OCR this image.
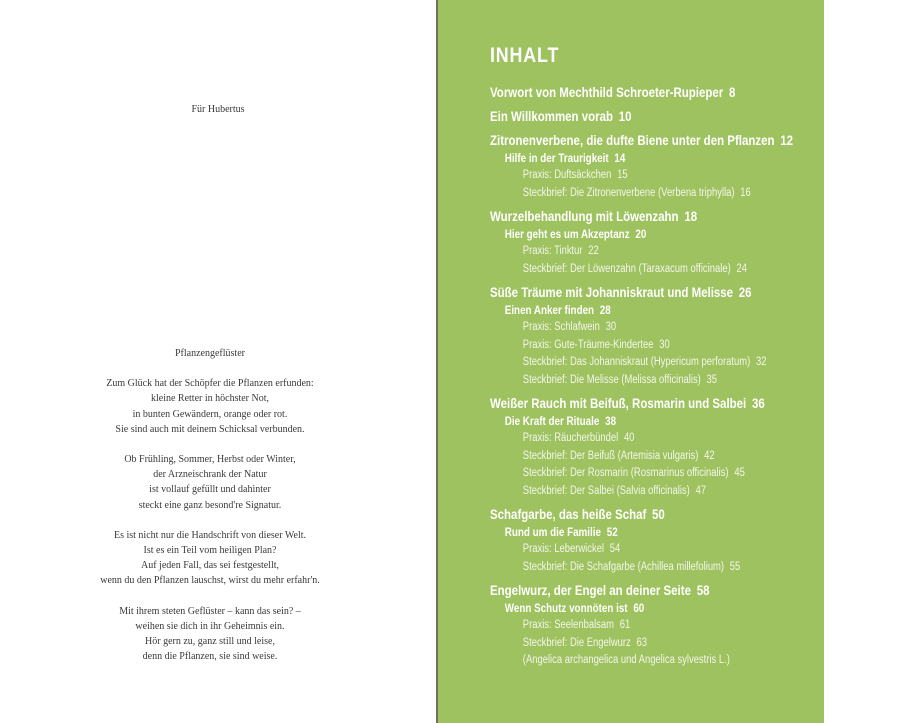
Für Hubertus
Pflanzengeflüster
Zum Glück hat der Schöpfer die Pflanzen erfunden:
kleine Retter in höchster Not,
in bunten Gewändern, orange oder rot.
Sie sind auch mit deinem Schicksal verbunden.
Ob Frühling, Sommer, Herbst oder Winter,
der Arzneischrank der Natur
ist vollauf gefüllt und dahinter
steckt eine ganz besond're Signatur.
Es ist nicht nur die Handschrift von dieser Welt.
Ist es ein Teil vom heiligen Plan?
Auf jeden Fall, das sei festgestellt,
wenn du den Pflanzen lauschst, wirst du mehr erfahr'n.
Mit ihrem steten Geflüster – kann das sein? –
weihen sie dich in ihr Geheimnis ein.
Hör gern zu, ganz still und leise,
denn die Pflanzen, sie sind weise.
INHALT
Vorwort von Mechthild Schroeter-Rupieper 8
Ein Willkommen vorab 10
Zitronenverbene, die dufte Biene unter den Pflanzen 12
Hilfe in der Traurigkeit 14
Praxis: Duftsäckchen 15
Steckbrief: Die Zitronenverbene (Verbena triphylla) 16
Wurzelbehandlung mit Löwenzahn 18
Hier geht es um Akzeptanz 20
Praxis: Tinktur 22
Steckbrief: Der Löwenzahn (Taraxacum officinale) 24
Süße Träume mit Johanniskraut und Melisse 26
Einen Anker finden 28
Praxis: Schlafwein 30
Praxis: Gute-Träume-Kindertee 30
Steckbrief: Das Johanniskraut (Hypericum perforatum) 32
Steckbrief: Die Melisse (Melissa officinalis) 35
Weißer Rauch mit Beifuß, Rosmarin und Salbei 36
Die Kraft der Rituale 38
Praxis: Räucherbündel 40
Steckbrief: Der Beifuß (Artemisia vulgaris) 42
Steckbrief: Der Rosmarin (Rosmarinus officinalis) 45
Steckbrief: Der Salbei (Salvia officinalis) 47
Schafgarbe, das heiße Schaf 50
Rund um die Familie 52
Praxis: Leberwickel 54
Steckbrief: Die Schafgarbe (Achillea millefolium) 55
Engelwurz, der Engel an deiner Seite 58
Wenn Schutz vonnöten ist 60
Praxis: Seelenbalsam 61
Steckbrief: Die Engelwurz 63
(Angelica archangelica und Angelica sylvestris L.)
